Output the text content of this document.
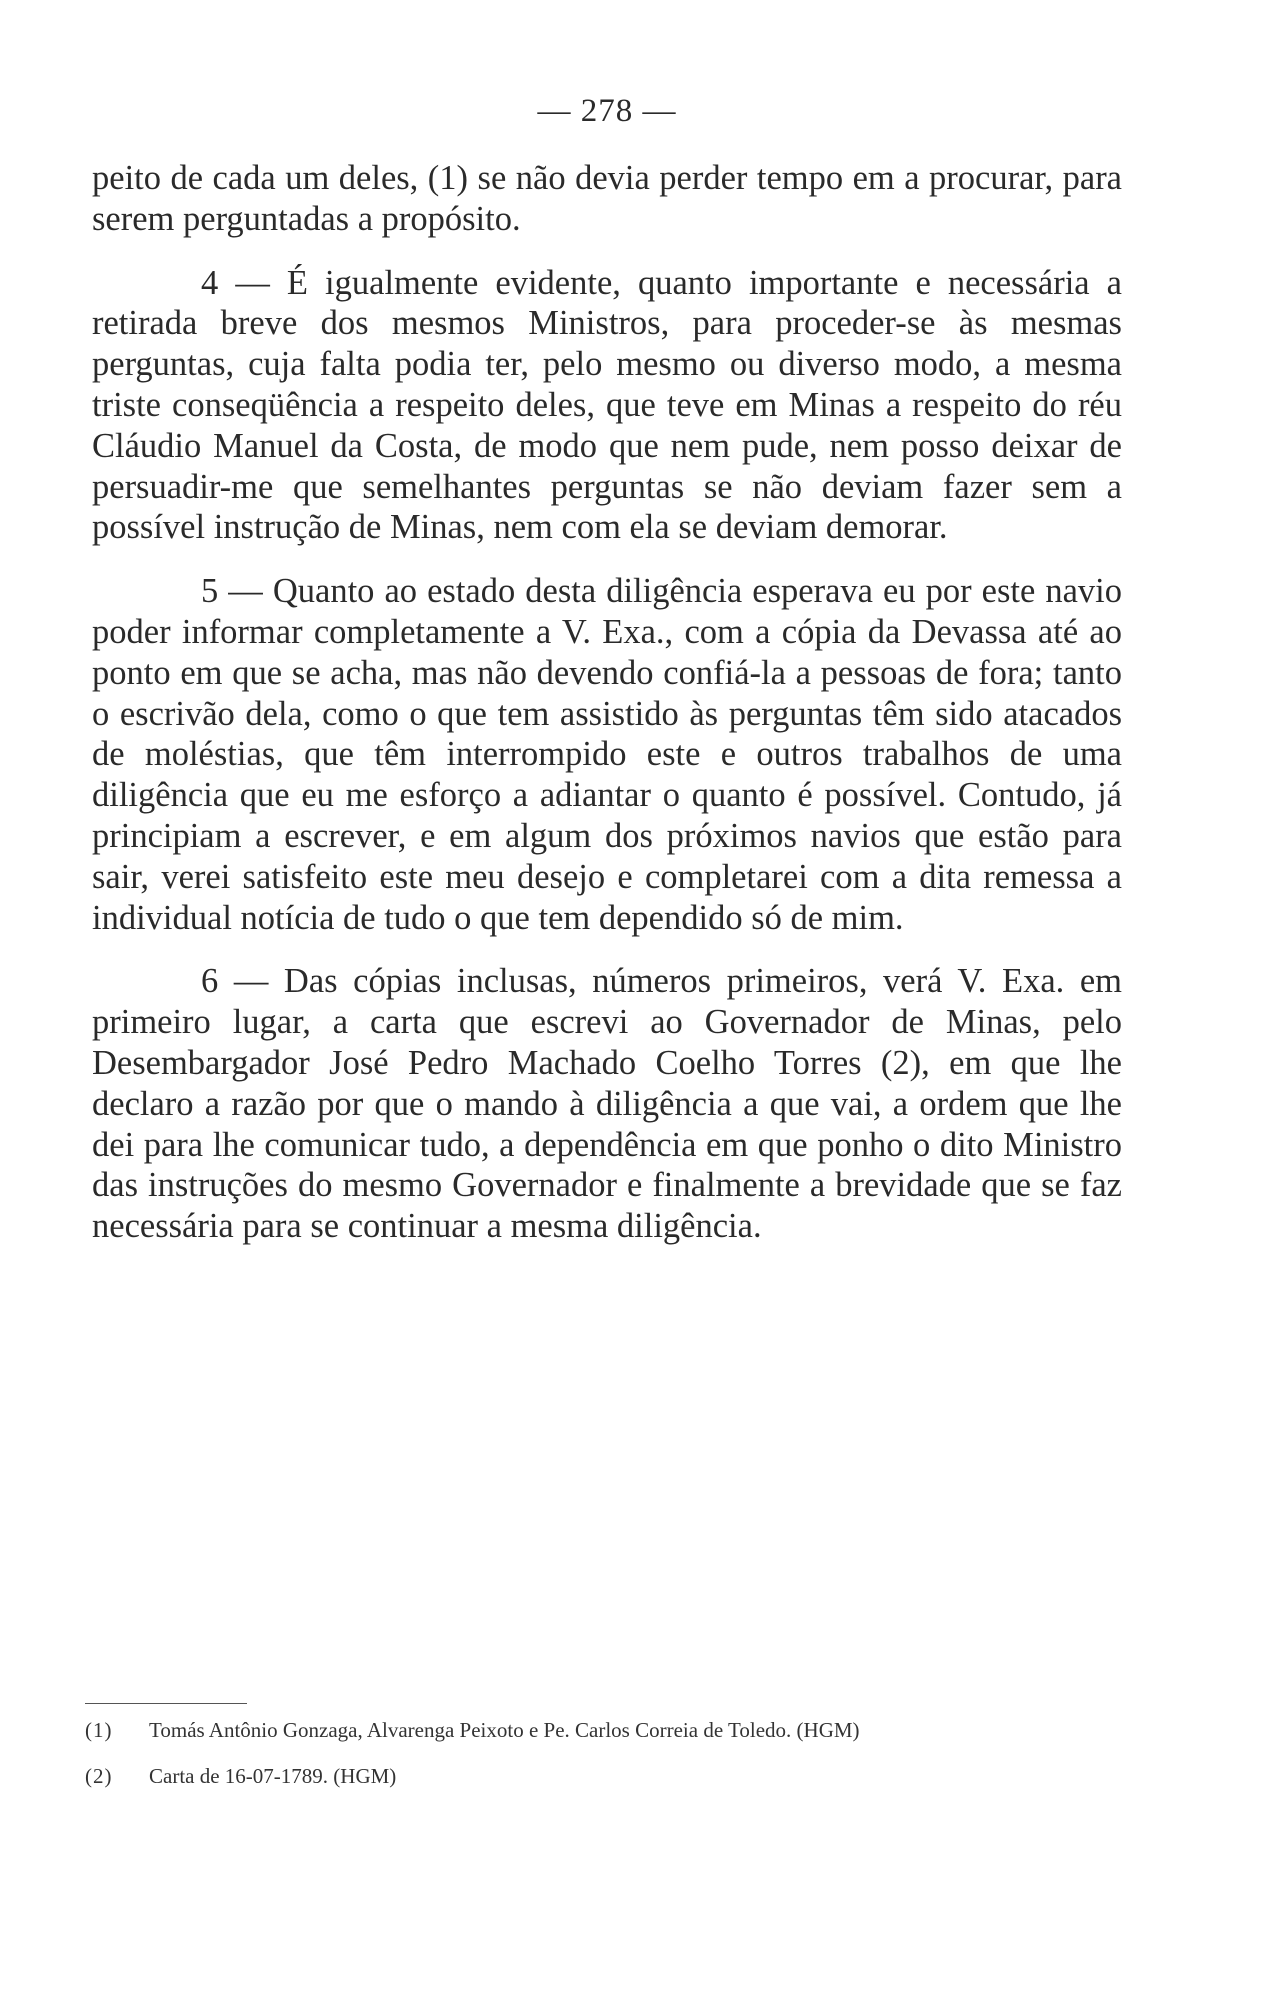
— 278 —

peito de cada um deles, (1) se não devia perder tempo em a procurar, para serem perguntadas a propósito.

4 — É igualmente evidente, quanto importante e necessária a retirada breve dos mesmos Ministros, para proceder-se às mesmas perguntas, cuja falta podia ter, pelo mesmo ou diverso modo, a mesma triste conseqüência a respeito deles, que teve em Minas a respeito do réu Cláudio Manuel da Costa, de modo que nem pude, nem posso deixar de persuadir-me que semelhantes perguntas se não deviam fazer sem a possível instrução de Minas, nem com ela se deviam demorar.

5 — Quanto ao estado desta diligência esperava eu por este navio poder informar completamente a V. Exa., com a cópia da Devassa até ao ponto em que se acha, mas não devendo confiá-la a pessoas de fora; tanto o escrivão dela, como o que tem assistido às perguntas têm sido atacados de moléstias, que têm interrompido este e outros trabalhos de uma diligência que eu me esforço a adiantar o quanto é possível. Contudo, já principiam a escrever, e em algum dos próximos navios que estão para sair, verei satisfeito este meu desejo e completarei com a dita remessa a individual notícia de tudo o que tem dependido só de mim.

6 — Das cópias inclusas, números primeiros, verá V. Exa. em primeiro lugar, a carta que escrevi ao Governador de Minas, pelo Desembargador José Pedro Machado Coelho Torres (2), em que lhe declaro a razão por que o mando à diligência a que vai, a ordem que lhe dei para lhe comunicar tudo, a dependência em que ponho o dito Ministro das instruções do mesmo Governador e finalmente a brevidade que se faz necessária para se continuar a mesma diligência.

(1)	Tomás Antônio Gonzaga, Alvarenga Peixoto e Pe. Carlos Correia de Toledo. (HGM)
(2)	Carta de 16-07-1789. (HGM)
